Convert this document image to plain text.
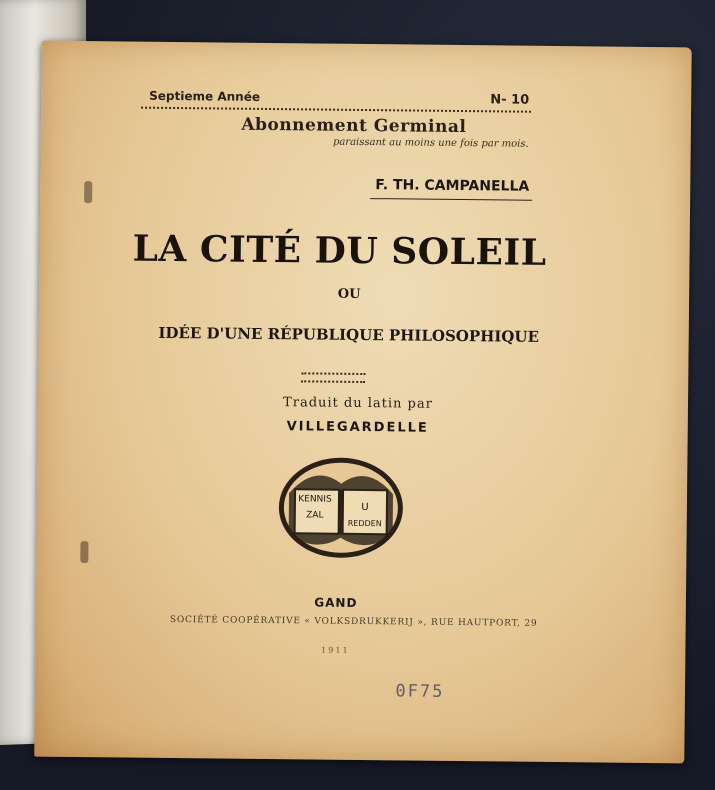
Septieme Année	N- 10
Abonnement Germinal
paraissant au moins une fois par mois.
F. TH. CAMPANELLA
LA CITÉ DU SOLEIL
OU
IDÉE D'UNE RÉPUBLIQUE PHILOSOPHIQUE
Traduit du latin par
VILLEGARDELLE
KENNIS
ZAL
U
REDDEN
GAND
SOCIÉTÉ COOPÉRATIVE « VOLKSDRUKKERIJ », RUE HAUTPORT, 29
1911
0F75
